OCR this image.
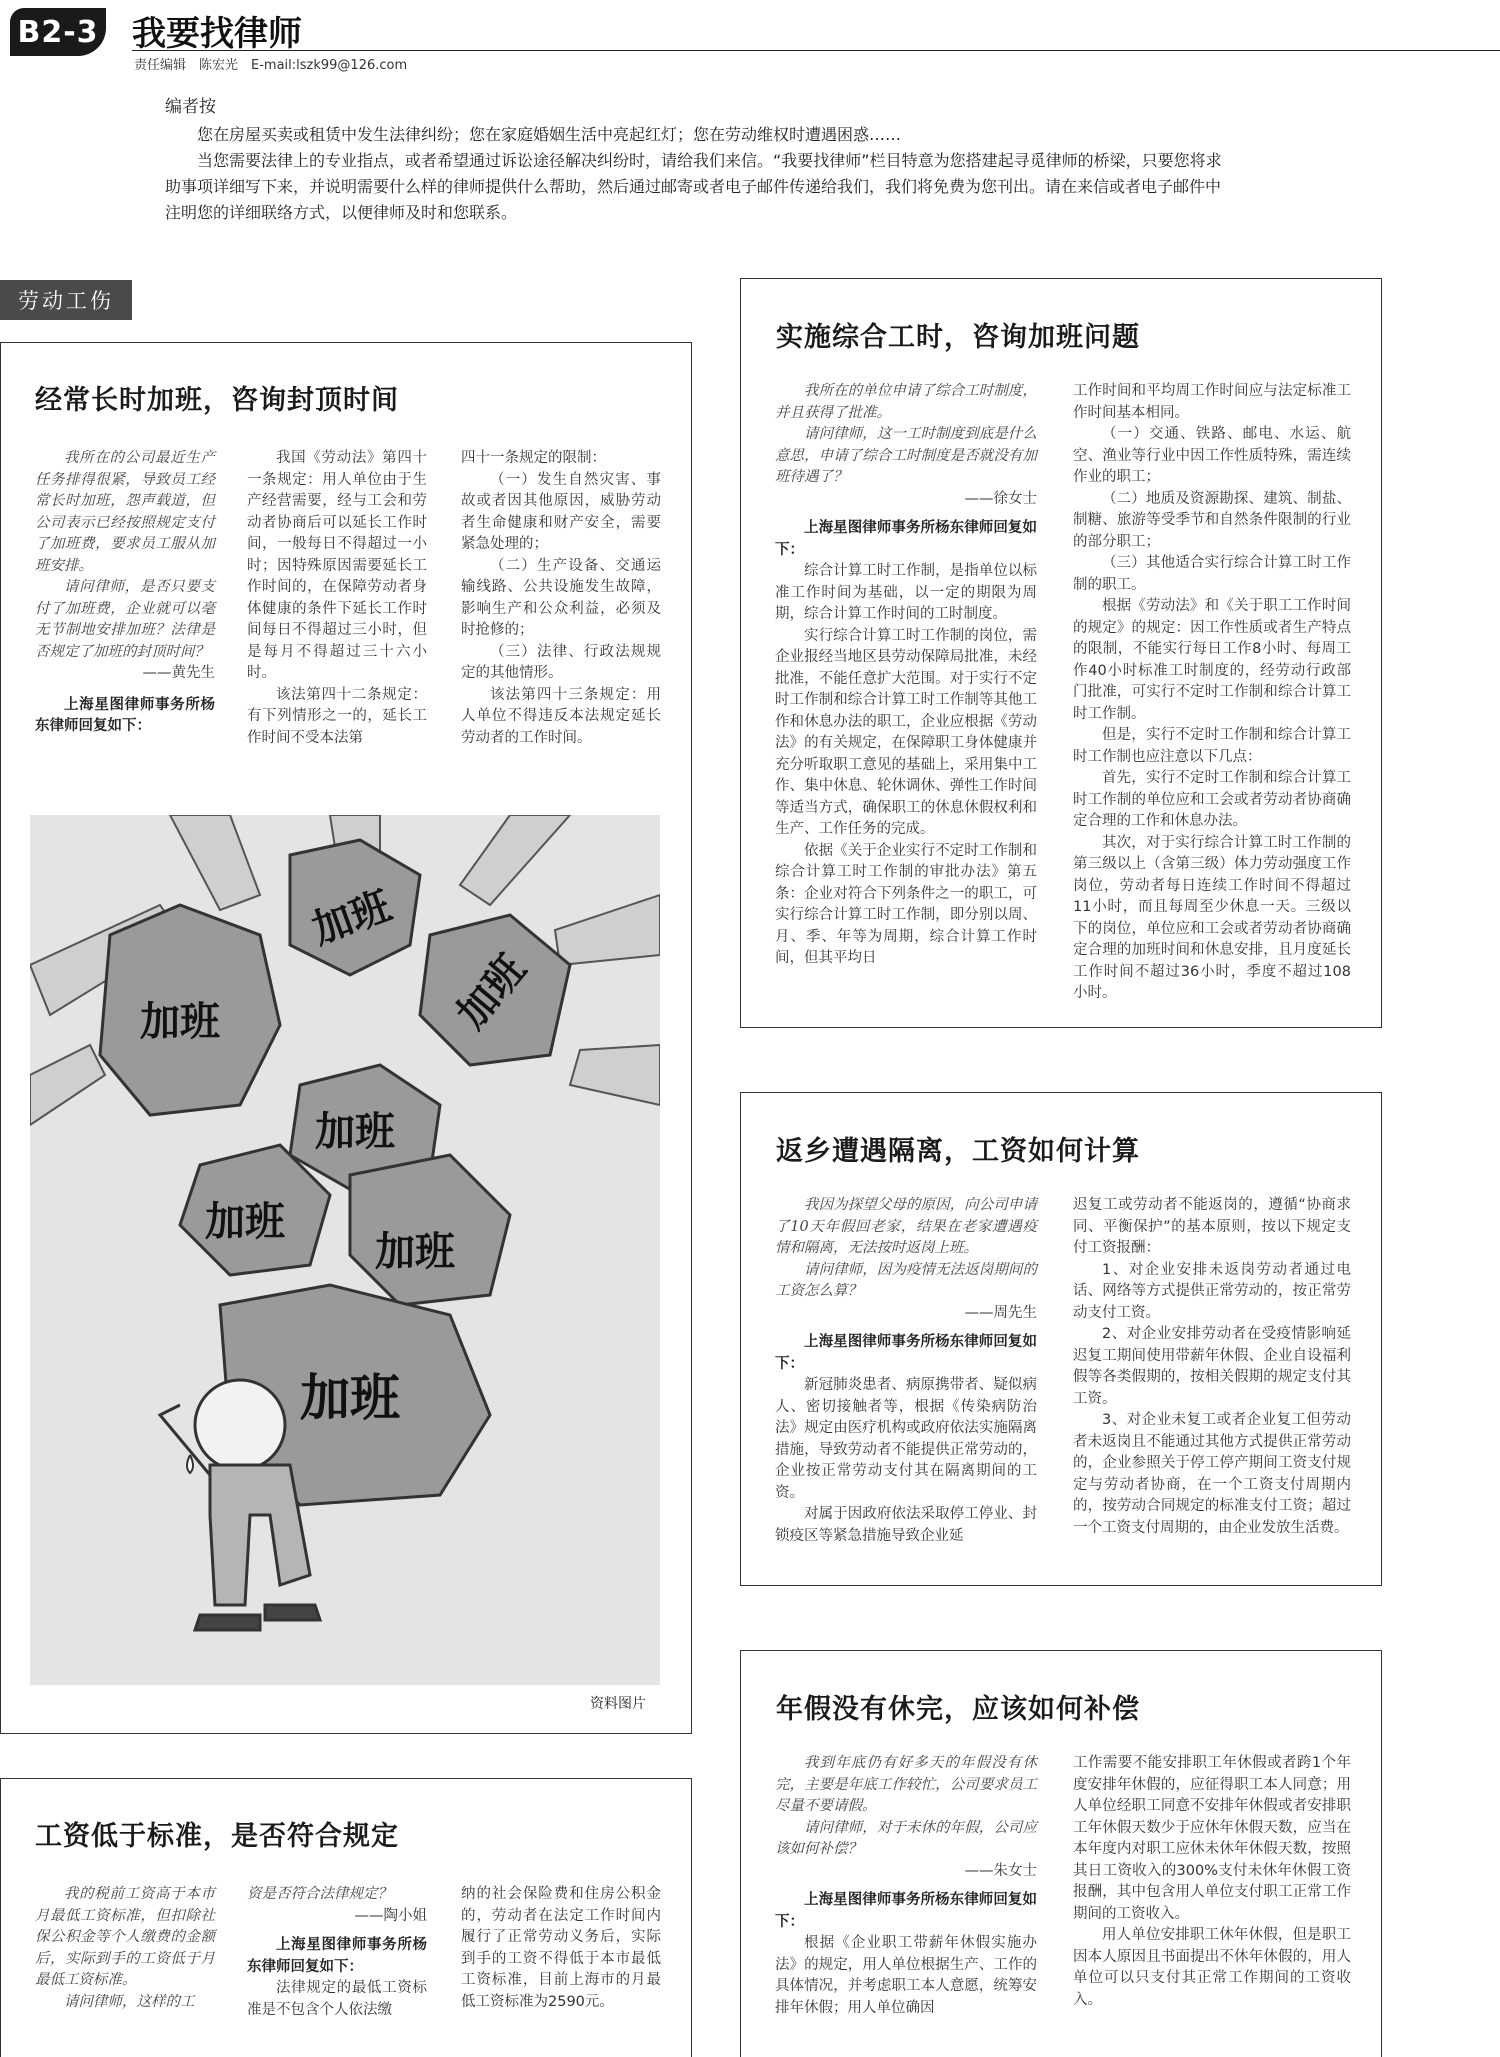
B2-3 我要找律师
责任编辑　陈宏光　E-mail:lszk99@126.com
编者按

您在房屋买卖或租赁中发生法律纠纷；您在家庭婚姻生活中亮起红灯；您在劳动维权时遭遇困惑……

当您需要法律上的专业指点，或者希望通过诉讼途径解决纠纷时，请给我们来信。“我要找律师”栏目特意为您搭建起寻觅律师的桥梁，只要您将求助事项详细写下来，并说明需要什么样的律师提供什么帮助，然后通过邮寄或者电子邮件传递给我们，我们将免费为您刊出。请在来信或者电子邮件中注明您的详细联络方式，以便律师及时和您联系。

劳动工伤
经常长时加班，咨询封顶时间

我所在的公司最近生产任务排得很紧，导致员工经常长时加班，怨声载道，但公司表示已经按照规定支付了加班费，要求员工服从加班安排。

请问律师，是否只要支付了加班费，企业就可以毫无节制地安排加班？法律是否规定了加班的封顶时间？

——黄先生

上海星图律师事务所杨东律师回复如下：

我国《劳动法》第四十一条规定：用人单位由于生产经营需要，经与工会和劳动者协商后可以延长工作时间，一般每日不得超过一小时；因特殊原因需要延长工作时间的，在保障劳动者身体健康的条件下延长工作时间每日不得超过三小时，但是每月不得超过三十六小时。

该法第四十二条规定：有下列情形之一的，延长工作时间不受本法第

四十一条规定的限制：

（一）发生自然灾害、事故或者因其他原因，威胁劳动者生命健康和财产安全，需要紧急处理的；

（二）生产设备、交通运输线路、公共设施发生故障，影响生产和公众利益，必须及时抢修的；

（三）法律、行政法规规定的其他情形。

该法第四十三条规定：用人单位不得违反本法规定延长劳动者的工作时间。

加班
加班
加班
加班
加班
加班
加班
资料图片
工资低于标准，是否符合规定

我的税前工资高于本市月最低工资标准，但扣除社保公积金等个人缴费的金额后，实际到手的工资低于月最低工资标准。

请问律师，这样的工

资是否符合法律规定？

——陶小姐

上海星图律师事务所杨东律师回复如下：

法律规定的最低工资标准是不包含个人依法缴

纳的社会保险费和住房公积金的，劳动者在法定工作时间内履行了正常劳动义务后，实际到手的工资不得低于本市最低工资标准，目前上海市的月最低工资标准为2590元。

实施综合工时，咨询加班问题

我所在的单位申请了综合工时制度，并且获得了批准。

请问律师，这一工时制度到底是什么意思，申请了综合工时制度是否就没有加班待遇了？

——徐女士

上海星图律师事务所杨东律师回复如下：

综合计算工时工作制，是指单位以标准工作时间为基础，以一定的期限为周期，综合计算工作时间的工时制度。

实行综合计算工时工作制的岗位，需企业报经当地区县劳动保障局批准，未经批准，不能任意扩大范围。对于实行不定时工作制和综合计算工时工作制等其他工作和休息办法的职工，企业应根据《劳动法》的有关规定，在保障职工身体健康并充分听取职工意见的基础上，采用集中工作、集中休息、轮休调休、弹性工作时间等适当方式，确保职工的休息休假权利和生产、工作任务的完成。

依据《关于企业实行不定时工作制和综合计算工时工作制的审批办法》第五条：企业对符合下列条件之一的职工，可实行综合计算工时工作制，即分别以周、月、季、年等为周期，综合计算工作时间，但其平均日

工作时间和平均周工作时间应与法定标准工作时间基本相同。

（一）交通、铁路、邮电、水运、航空、渔业等行业中因工作性质特殊，需连续作业的职工；

（二）地质及资源勘探、建筑、制盐、制糖、旅游等受季节和自然条件限制的行业的部分职工；

（三）其他适合实行综合计算工时工作制的职工。

根据《劳动法》和《关于职工工作时间的规定》的规定：因工作性质或者生产特点的限制，不能实行每日工作8小时、每周工作40小时标准工时制度的，经劳动行政部门批准，可实行不定时工作制和综合计算工时工作制。

但是，实行不定时工作制和综合计算工时工作制也应注意以下几点：

首先，实行不定时工作制和综合计算工时工作制的单位应和工会或者劳动者协商确定合理的工作和休息办法。

其次，对于实行综合计算工时工作制的第三级以上（含第三级）体力劳动强度工作岗位，劳动者每日连续工作时间不得超过11小时，而且每周至少休息一天。三级以下的岗位，单位应和工会或者劳动者协商确定合理的加班时间和休息安排，且月度延长工作时间不超过36小时，季度不超过108小时。

返乡遭遇隔离，工资如何计算

我因为探望父母的原因，向公司申请了10天年假回老家，结果在老家遭遇疫情和隔离，无法按时返岗上班。

请问律师，因为疫情无法返岗期间的工资怎么算？

——周先生

上海星图律师事务所杨东律师回复如下：

新冠肺炎患者、病原携带者、疑似病人、密切接触者等，根据《传染病防治法》规定由医疗机构或政府依法实施隔离措施，导致劳动者不能提供正常劳动的，企业按正常劳动支付其在隔离期间的工资。

对属于因政府依法采取停工停业、封锁疫区等紧急措施导致企业延

迟复工或劳动者不能返岗的，遵循“协商求同、平衡保护”的基本原则，按以下规定支付工资报酬：

1、对企业安排未返岗劳动者通过电话、网络等方式提供正常劳动的，按正常劳动支付工资。

2、对企业安排劳动者在受疫情影响延迟复工期间使用带薪年休假、企业自设福利假等各类假期的，按相关假期的规定支付其工资。

3、对企业未复工或者企业复工但劳动者未返岗且不能通过其他方式提供正常劳动的，企业参照关于停工停产期间工资支付规定与劳动者协商，在一个工资支付周期内的，按劳动合同规定的标准支付工资；超过一个工资支付周期的，由企业发放生活费。

年假没有休完，应该如何补偿

我到年底仍有好多天的年假没有休完，主要是年底工作较忙，公司要求员工尽量不要请假。

请问律师，对于未休的年假，公司应该如何补偿？

——朱女士

上海星图律师事务所杨东律师回复如下：

根据《企业职工带薪年休假实施办法》的规定，用人单位根据生产、工作的具体情况，并考虑职工本人意愿，统筹安排年休假；用人单位确因

工作需要不能安排职工年休假或者跨1个年度安排年休假的，应征得职工本人同意；用人单位经职工同意不安排年休假或者安排职工年休假天数少于应休年休假天数，应当在本年度内对职工应休未休年休假天数，按照其日工资收入的300%支付未休年休假工资报酬，其中包含用人单位支付职工正常工作期间的工资收入。

用人单位安排职工休年休假，但是职工因本人原因且书面提出不休年休假的，用人单位可以只支付其正常工作期间的工资收入。
